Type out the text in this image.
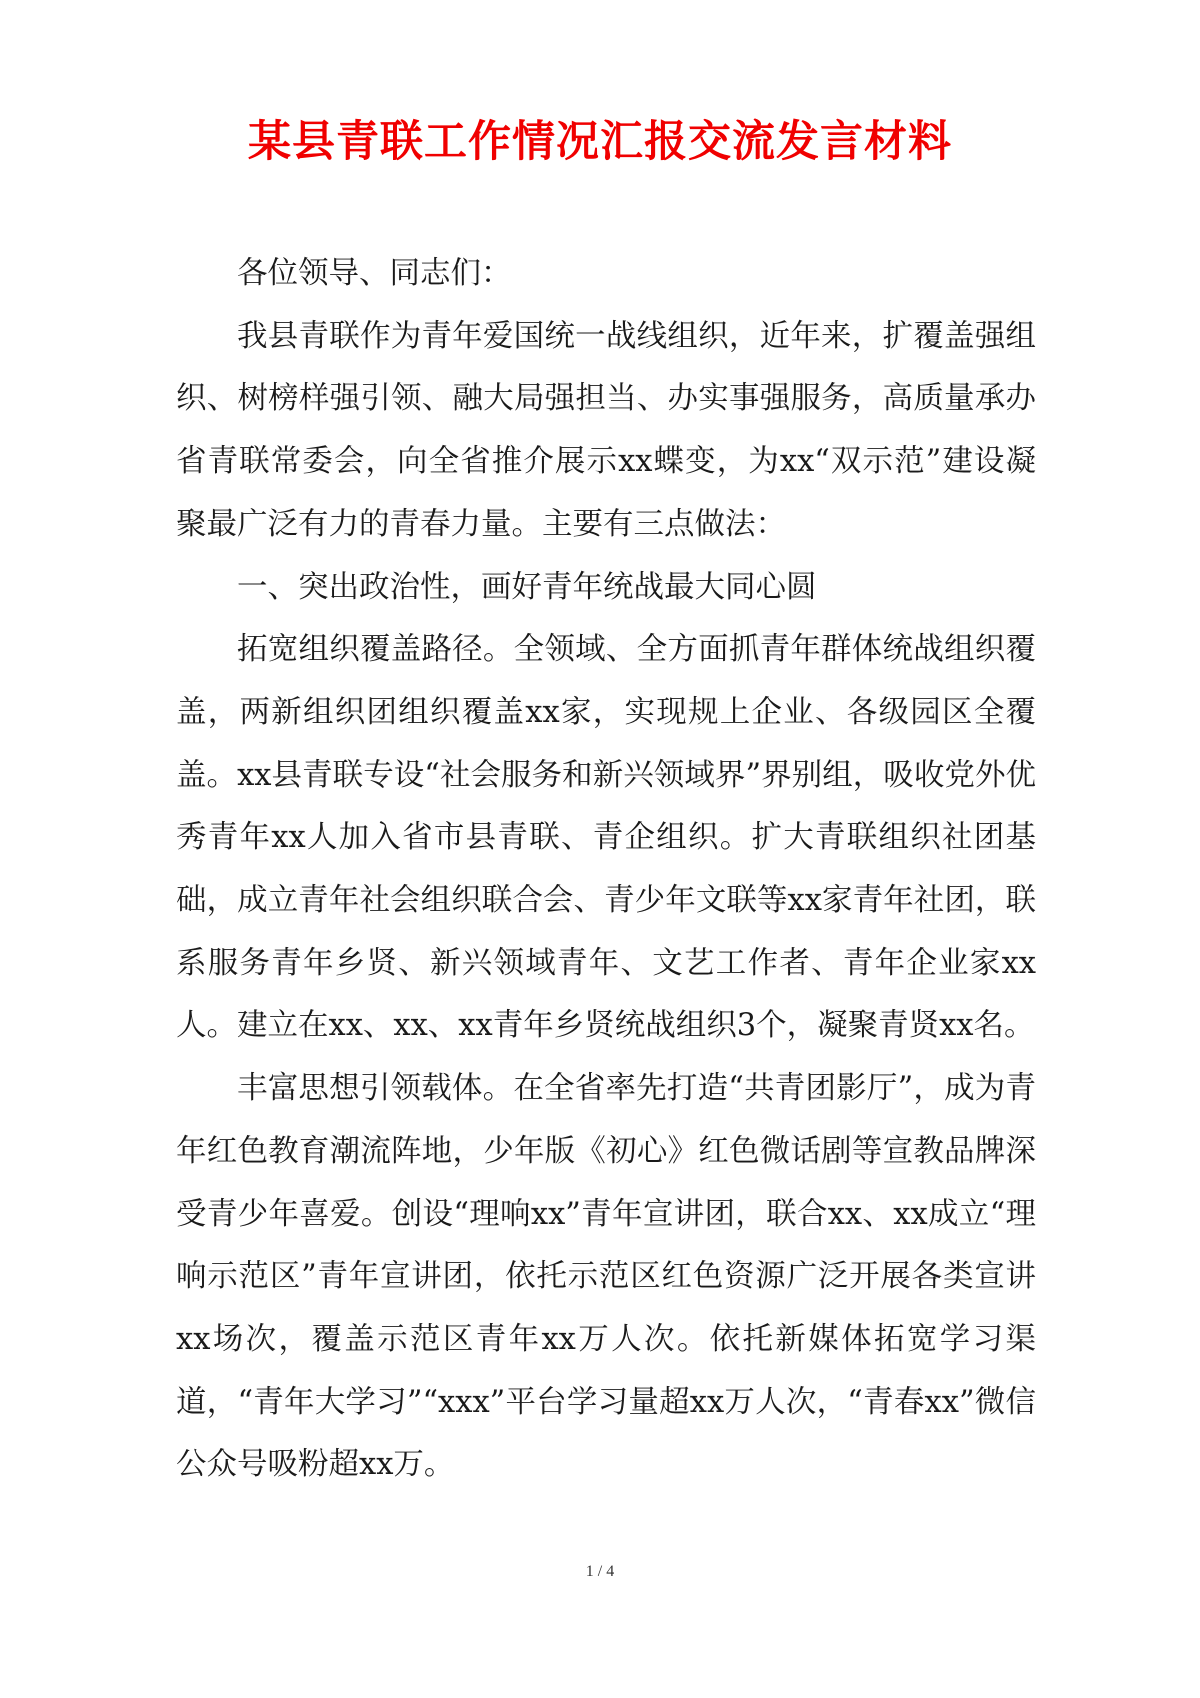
某县青联工作情况汇报交流发言材料

各位领导、同志们：

我县青联作为青年爱国统一战线组织，近年来，扩覆盖强组织、树榜样强引领、融大局强担当、办实事强服务，高质量承办省青联常委会，向全省推介展示xx蝶变，为xx“双示范”建设凝聚最广泛有力的青春力量。主要有三点做法：

一、突出政治性，画好青年统战最大同心圆

拓宽组织覆盖路径。全领域、全方面抓青年群体统战组织覆盖，两新组织团组织覆盖xx家，实现规上企业、各级园区全覆盖。xx县青联专设“社会服务和新兴领域界”界别组，吸收党外优秀青年xx人加入省市县青联、青企组织。扩大青联组织社团基础，成立青年社会组织联合会、青少年文联等xx家青年社团，联系服务青年乡贤、新兴领域青年、文艺工作者、青年企业家xx人。建立在xx、xx、xx青年乡贤统战组织3个，凝聚青贤xx名。

丰富思想引领载体。在全省率先打造“共青团影厅”，成为青年红色教育潮流阵地，少年版《初心》红色微话剧等宣教品牌深受青少年喜爱。创设“理响xx”青年宣讲团，联合xx、xx成立“理响示范区”青年宣讲团，依托示范区红色资源广泛开展各类宣讲xx场次，覆盖示范区青年xx万人次。依托新媒体拓宽学习渠道，“青年大学习”“xxx”平台学习量超xx万人次，“青春xx”微信公众号吸粉超xx万。

1 / 4
